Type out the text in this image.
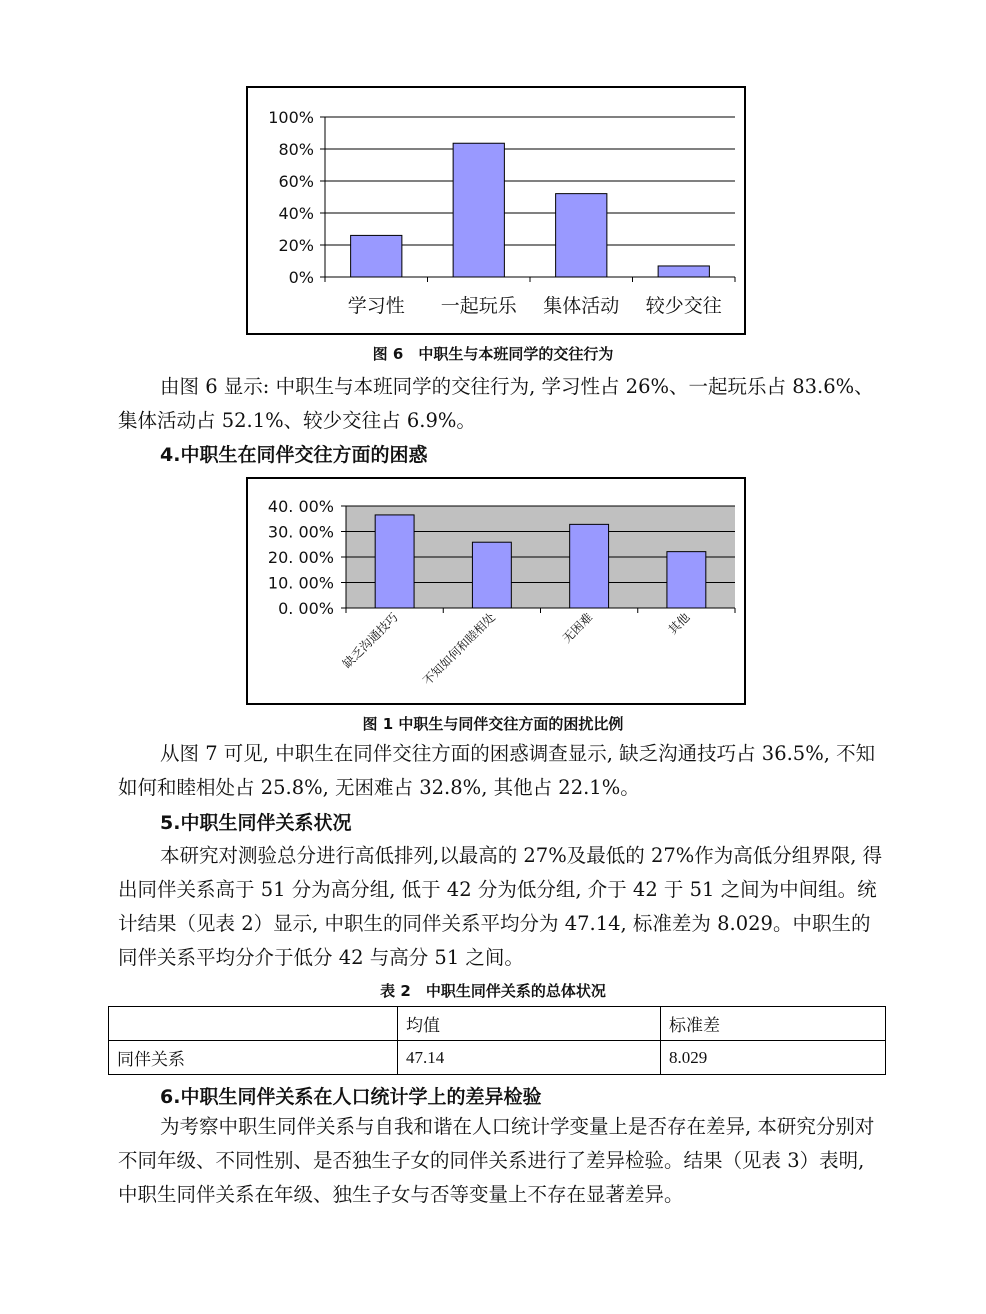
0%
20%
40%
60%
80%
100%
学习性 一起玩乐 集体活动 较少交往
图 6　中职生与本班同学的交往行为

由图 6 显示: 中职生与本班同学的交往行为, 学习性占 26%、一起玩乐占 83.6%、集体活动占 52.1%、较少交往占 6.9%。

4.中职生在同伴交往方面的困惑
0. 00%
10. 00%
20. 00%
30. 00%
40. 00%
缺乏沟通技巧 不知如何和睦相处	无困难	其他
图 1 中职生与同伴交往方面的困扰比例

从图 7 可见, 中职生在同伴交往方面的困惑调查显示, 缺乏沟通技巧占 36.5%, 不知如何和睦相处占 25.8%, 无困难占 32.8%, 其他占 22.1%。

5.中职生同伴关系状况

本研究对测验总分进行高低排列,以最高的 27%及最低的 27%作为高低分组界限, 得出同伴关系高于 51 分为高分组, 低于 42 分为低分组, 介于 42 于 51 之间为中间组。统计结果（见表 2）显示, 中职生的同伴关系平均分为 47.14, 标准差为 8.029。中职生的同伴关系平均分介于低分 42 与高分 51 之间。

表 2　中职生同伴关系的总体状况
	均值	标准差
同伴关系	47.14	8.029
6.中职生同伴关系在人口统计学上的差异检验

为考察中职生同伴关系与自我和谐在人口统计学变量上是否存在差异, 本研究分别对不同年级、不同性别、是否独生子女的同伴关系进行了差异检验。结果（见表 3）表明, 中职生同伴关系在年级、独生子女与否等变量上不存在显著差异。
